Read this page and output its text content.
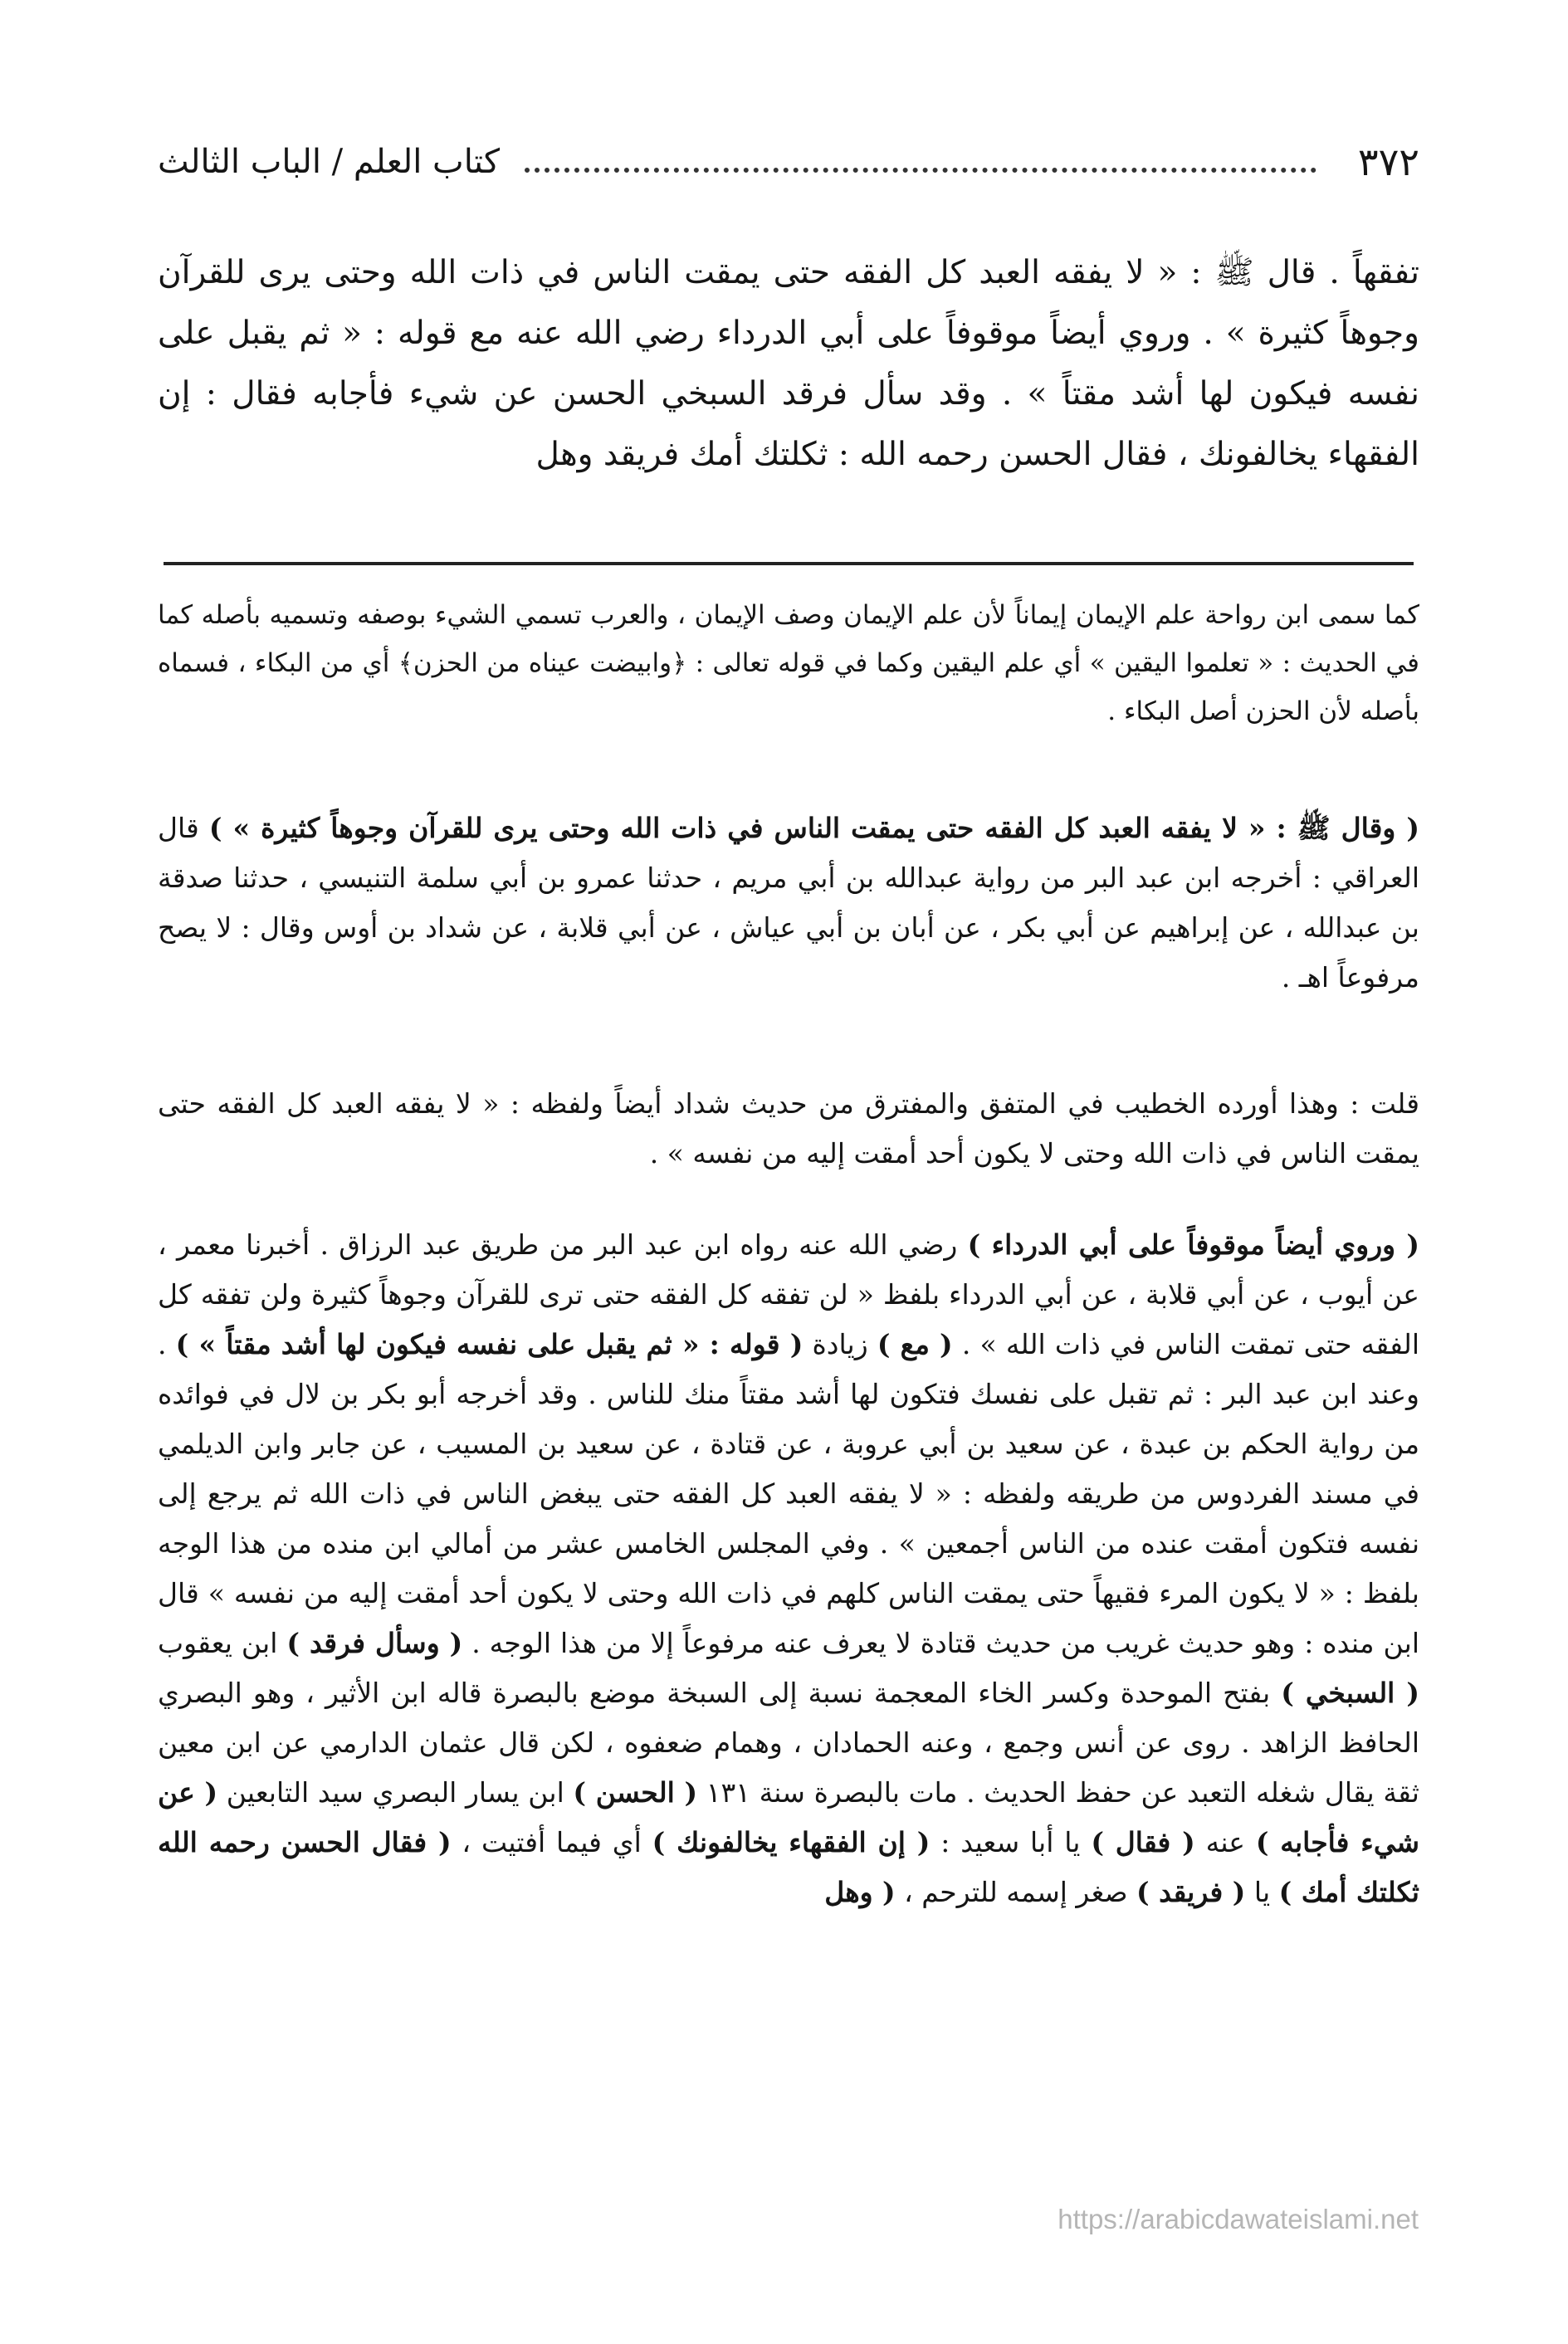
٣٧٢
كتاب العلم / الباب الثالث

تفقهاً . قال ﷺ : « لا يفقه العبد كل الفقه حتى يمقت الناس في ذات الله وحتى يرى للقرآن وجوهاً كثيرة » . وروي أيضاً موقوفاً على أبي الدرداء رضي الله عنه مع قوله : « ثم يقبل على نفسه فيكون لها أشد مقتاً » . وقد سأل فرقد السبخي الحسن عن شيء فأجابه فقال : إن الفقهاء يخالفونك ، فقال الحسن رحمه الله : ثكلتك أمك فريقد وهل

كما سمى ابن رواحة علم الإيمان إيماناً لأن علم الإيمان وصف الإيمان ، والعرب تسمي الشيء بوصفه وتسميه بأصله كما في الحديث : « تعلموا اليقين » أي علم اليقين وكما في قوله تعالى : ﴿وابيضت عيناه من الحزن﴾ أي من البكاء ، فسماه بأصله لأن الحزن أصل البكاء .

( وقال ﷺ : « لا يفقه العبد كل الفقه حتى يمقت الناس في ذات الله وحتى يرى للقرآن وجوهاً كثيرة » ) قال العراقي : أخرجه ابن عبد البر من رواية عبدالله بن أبي مريم ، حدثنا عمرو بن أبي سلمة التنيسي ، حدثنا صدقة بن عبدالله ، عن إبراهيم عن أبي بكر ، عن أبان بن أبي عياش ، عن أبي قلابة ، عن شداد بن أوس وقال : لا يصح مرفوعاً اهـ .

قلت : وهذا أورده الخطيب في المتفق والمفترق من حديث شداد أيضاً ولفظه : « لا يفقه العبد كل الفقه حتى يمقت الناس في ذات الله وحتى لا يكون أحد أمقت إليه من نفسه » .

( وروي أيضاً موقوفاً على أبي الدرداء ) رضي الله عنه رواه ابن عبد البر من طريق عبد الرزاق . أخبرنا معمر ، عن أيوب ، عن أبي قلابة ، عن أبي الدرداء بلفظ « لن تفقه كل الفقه حتى ترى للقرآن وجوهاً كثيرة ولن تفقه كل الفقه حتى تمقت الناس في ذات الله » . ( مع ) زيادة ( قوله : « ثم يقبل على نفسه فيكون لها أشد مقتاً » ) . وعند ابن عبد البر : ثم تقبل على نفسك فتكون لها أشد مقتاً منك للناس . وقد أخرجه أبو بكر بن لال في فوائده من رواية الحكم بن عبدة ، عن سعيد بن أبي عروبة ، عن قتادة ، عن سعيد بن المسيب ، عن جابر وابن الديلمي في مسند الفردوس من طريقه ولفظه : « لا يفقه العبد كل الفقه حتى يبغض الناس في ذات الله ثم يرجع إلى نفسه فتكون أمقت عنده من الناس أجمعين » . وفي المجلس الخامس عشر من أمالي ابن منده من هذا الوجه بلفظ : « لا يكون المرء فقيهاً حتى يمقت الناس كلهم في ذات الله وحتى لا يكون أحد أمقت إليه من نفسه » قال ابن منده : وهو حديث غريب من حديث قتادة لا يعرف عنه مرفوعاً إلا من هذا الوجه . ( وسأل فرقد ) ابن يعقوب ( السبخي ) بفتح الموحدة وكسر الخاء المعجمة نسبة إلى السبخة موضع بالبصرة قاله ابن الأثير ، وهو البصري الحافظ الزاهد . روى عن أنس وجمع ، وعنه الحمادان ، وهمام ضعفوه ، لكن قال عثمان الدارمي عن ابن معين ثقة يقال شغله التعبد عن حفظ الحديث . مات بالبصرة سنة ١٣١ ( الحسن ) ابن يسار البصري سيد التابعين ( عن شيء فأجابه ) عنه ( فقال ) يا أبا سعيد : ( إن الفقهاء يخالفونك ) أي فيما أفتيت ، ( فقال الحسن رحمه الله ثكلتك أمك ) يا ( فريقد ) صغر إسمه للترحم ، ( وهل

https://arabicdawateislami.net
